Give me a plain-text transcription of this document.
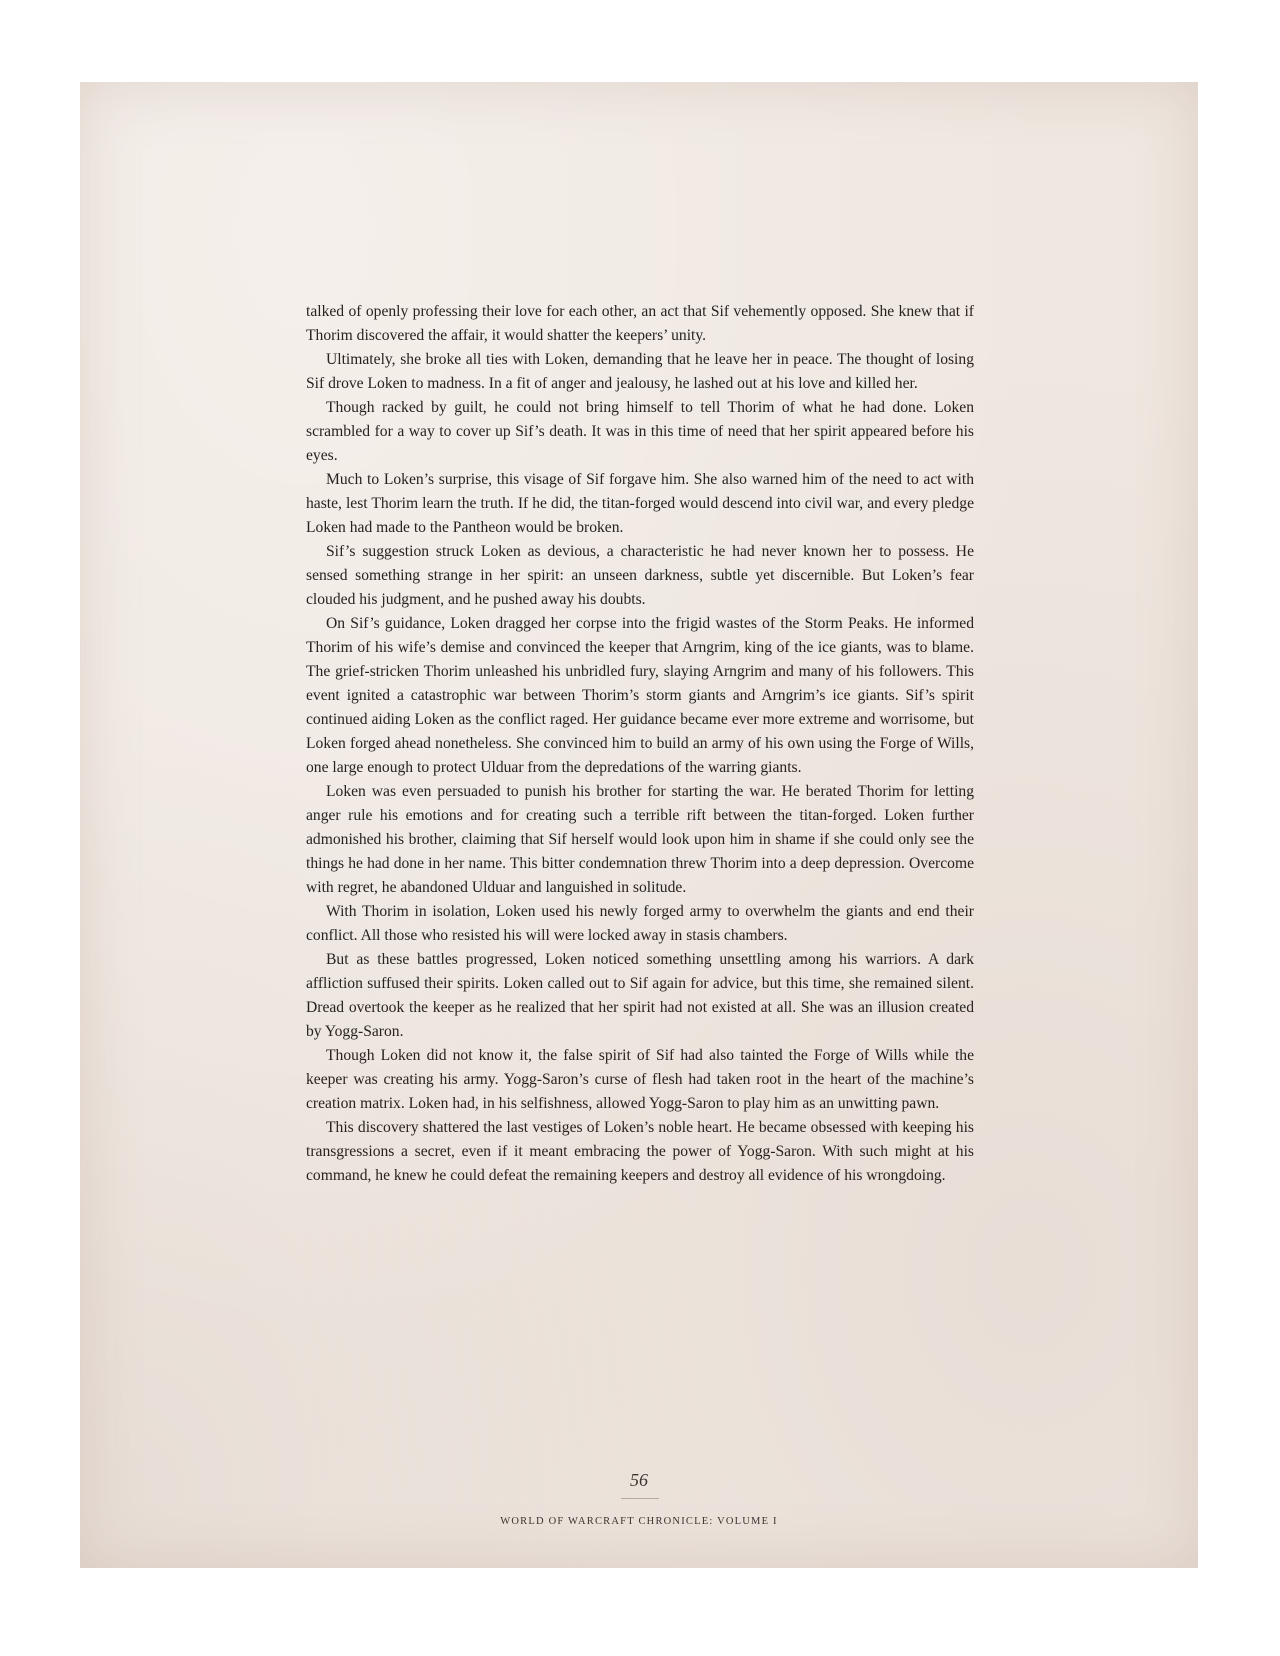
talked of openly professing their love for each other, an act that Sif vehemently opposed. She knew that if Thorim discovered the affair, it would shatter the keepers’ unity.

Ultimately, she broke all ties with Loken, demanding that he leave her in peace. The thought of losing Sif drove Loken to madness. In a fit of anger and jealousy, he lashed out at his love and killed her.

Though racked by guilt, he could not bring himself to tell Thorim of what he had done. Loken scrambled for a way to cover up Sif’s death. It was in this time of need that her spirit appeared before his eyes.

Much to Loken’s surprise, this visage of Sif forgave him. She also warned him of the need to act with haste, lest Thorim learn the truth. If he did, the titan-forged would descend into civil war, and every pledge Loken had made to the Pantheon would be broken.

Sif’s suggestion struck Loken as devious, a characteristic he had never known her to possess. He sensed something strange in her spirit: an unseen darkness, subtle yet discernible. But Loken’s fear clouded his judgment, and he pushed away his doubts.

On Sif’s guidance, Loken dragged her corpse into the frigid wastes of the Storm Peaks. He informed Thorim of his wife’s demise and convinced the keeper that Arngrim, king of the ice giants, was to blame. The grief-stricken Thorim unleashed his unbridled fury, slaying Arngrim and many of his followers. This event ignited a catastrophic war between Thorim’s storm giants and Arngrim’s ice giants. Sif’s spirit continued aiding Loken as the conflict raged. Her guidance became ever more extreme and worrisome, but Loken forged ahead nonetheless. She convinced him to build an army of his own using the Forge of Wills, one large enough to protect Ulduar from the depredations of the warring giants.

Loken was even persuaded to punish his brother for starting the war. He berated Thorim for letting anger rule his emotions and for creating such a terrible rift between the titan-forged. Loken further admonished his brother, claiming that Sif herself would look upon him in shame if she could only see the things he had done in her name. This bitter condemnation threw Thorim into a deep depression. Overcome with regret, he abandoned Ulduar and languished in solitude.

With Thorim in isolation, Loken used his newly forged army to overwhelm the giants and end their conflict. All those who resisted his will were locked away in stasis chambers.

But as these battles progressed, Loken noticed something unsettling among his warriors. A dark affliction suffused their spirits. Loken called out to Sif again for advice, but this time, she remained silent. Dread overtook the keeper as he realized that her spirit had not existed at all. She was an illusion created by Yogg-Saron.

Though Loken did not know it, the false spirit of Sif had also tainted the Forge of Wills while the keeper was creating his army. Yogg-Saron’s curse of flesh had taken root in the heart of the machine’s creation matrix. Loken had, in his selfishness, allowed Yogg-Saron to play him as an unwitting pawn.

This discovery shattered the last vestiges of Loken’s noble heart. He became obsessed with keeping his transgressions a secret, even if it meant embracing the power of Yogg-Saron. With such might at his command, he knew he could defeat the remaining keepers and destroy all evidence of his wrongdoing.

56
WORLD OF WARCRAFT CHRONICLE: VOLUME I
